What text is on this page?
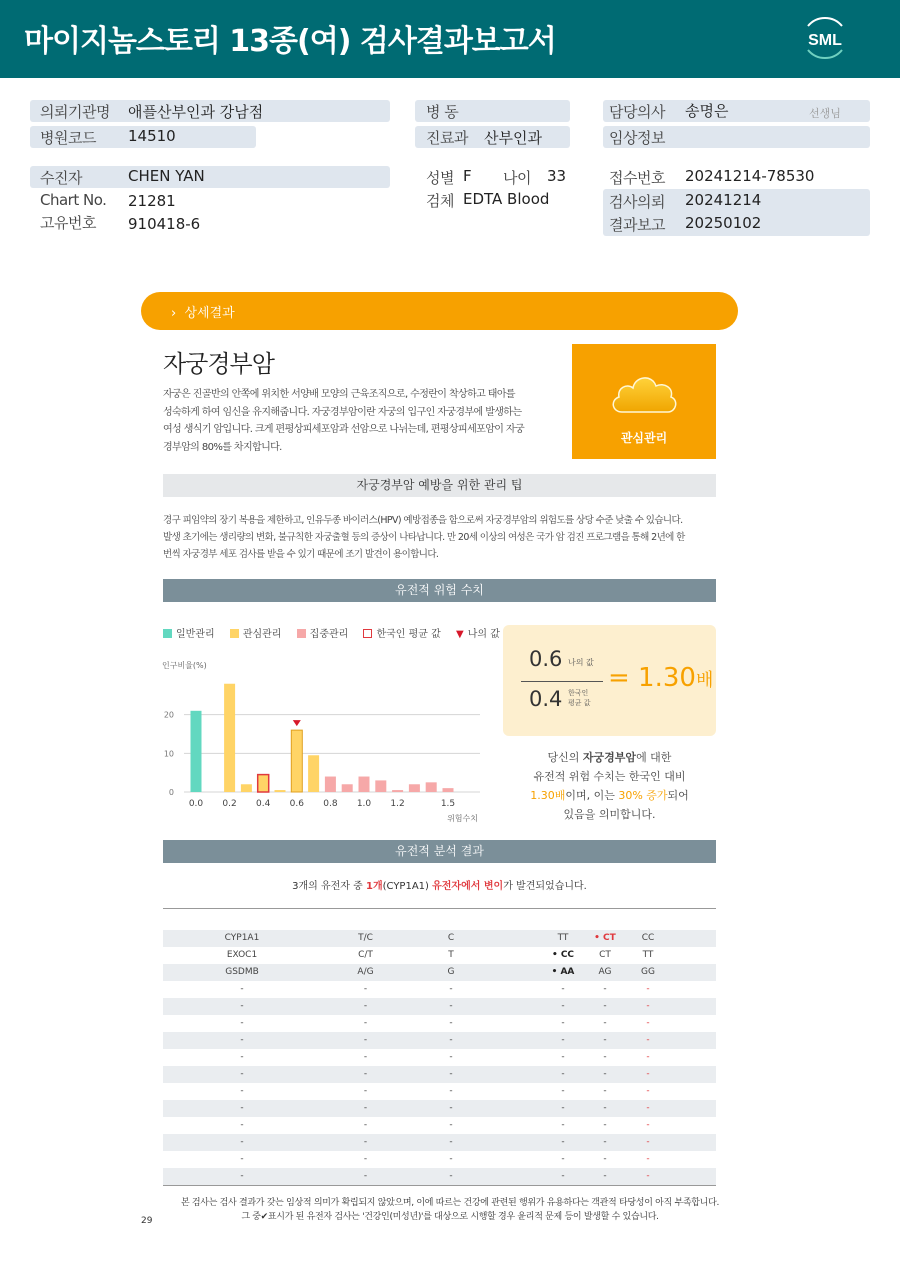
마이지놈스토리 13종(여) 검사결과보고서	SML
의뢰기관명 애플산부인과 강남점
병원코드 14510
수진자	CHEN YAN
Chart No. 21281
고유번호 910418-6
병 동
진료과 산부인과
성별 F 나이 33
검체 EDTA Blood
담당의사 송명은	선생님
임상정보
접수번호 20241214-78530
검사의뢰 20241214
결과보고 20250102
›  상세결과
자궁경부암
자궁은 진골반의 안쪽에 위치한 서양배 모양의 근육조직으로, 수정란이 착상하고 태아를
성숙하게 하여 임신을 유지해줍니다. 자궁경부암이란 자궁의 입구인 자궁경부에 발생하는
여성 생식기 암입니다. 크게 편평상피세포암과 선암으로 나뉘는데, 편평상피세포암이 자궁
경부암의 80%를 차지합니다.
관심관리
자궁경부암 예방을 위한 관리 팁
경구 피임약의 장기 복용을 제한하고, 인유두종 바이러스(HPV) 예방접종을 함으로써 자궁경부암의 위험도를 상당 수준 낮출 수 있습니다.
발생 초기에는 생리량의 변화, 불규칙한 자궁출혈 등의 증상이 나타납니다. 만 20세 이상의 여성은 국가 암 검진 프로그램을 통해 2년에 한
번씩 자궁경부 세포 검사를 받을 수 있기 때문에 조기 발견이 용이합니다.
유전적 위험 수치
일반관리	관심관리	집중관리	한국인 평균 값 ▼ 나의 값
인구비율(%)
0
10
20
0.0 0.2 0.4 0.6 0.8 1.0 1.2	1.5
위험수치
0.6 나의 값
0.4 한국인
평균 값
= 1.30배
당신의 자궁경부암에 대한
유전적 위험 수치는 한국인 대비
1.30배이며, 이는 30% 증가되어
있음을 의미합니다.
유전적 분석 결과
3개의 유전자 중 1개(CYP1A1) 유전자에서 변이가 발견되었습니다.
CYP1A1	T/C	C	TT	• CT	CC
EXOC1	C/T	T	• CC	CT	TT
GSDMB	A/G	G	• AA	AG	GG
-	-	-	-	-	-
-	-	-	-	-	-
-	-	-	-	-	-
-	-	-	-	-	-
-	-	-	-	-	-
-	-	-	-	-	-
-	-	-	-	-	-
-	-	-	-	-	-
-	-	-	-	-	-
-	-	-	-	-	-
-	-	-	-	-	-
-	-	-	-	-	-
본 검사는 검사 결과가 갖는 임상적 의미가 확립되지 않았으며, 이에 따르는 건강에 관련된 행위가 유용하다는 객관적 타당성이 아직 부족합니다.
그 중✔표시가 된 유전자 검사는 '건강인(미성년)'를 대상으로 시행할 경우 윤리적 문제 등이 발생할 수 있습니다.
29
